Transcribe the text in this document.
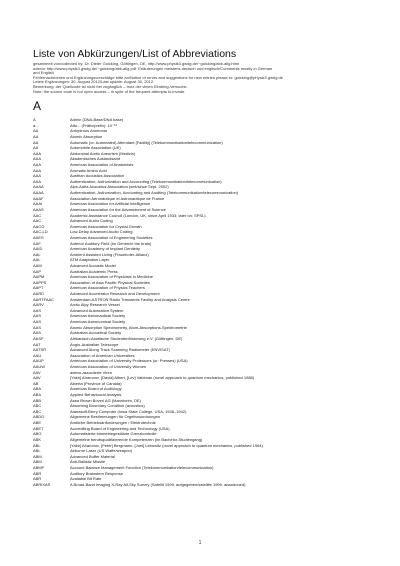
Liste von Abkürzungen/List of Abbreviations
gesammelt von/collected by: Dr. Dieter Guicking, Göttingen, DE, http://www.physik3.gwdg.de/~guicking/abk-allg.html
oder/or http://www.physik3.gwdg.de/~guicking/abk-allg.pdf. Erläuterungen meistens deutsch und englisch/Comments mostly in German
and English
Fehlernachrichten und Ergänzungsvorschläge bitte an/Notice of errors and suggestions for new entries please to: guicking@physik3.gwdg.de
Letzte Ergänzungen: 30. August 2012/Last update: August 30, 2012.
Bemerkung: der Quellcode ist nicht frei zugänglich – trotz der vielen Eindring-Versuche.
Note: the source code is not open access – in spite of the frequent attempts to invade.
A
A	Admin (DNA-Base/DNA base)
a...	Atto... (Präfix/prefix): 10⁻¹⁸
AA	Anhydrous Ammonia
AA	Atomic Absorption
AA	Automatic (or: Automated) Attendant [Facility] (Telekommunikation/telecommunication)
AA	Automobile Association (UK)
AAA	Abdominal Aortic Aneurism (Medizin)
AAA	Akademisches Auslandsamt
AAA	American Association of Anatomists
AAA	Aromatic Amino Acid
AAA	Austrian Acoustics Association
AAA	Authentication, Authorization and Accounting (Telekommunikation/telecommunication)
AAAA	Alps-Adria Acoustics Association (seit/since Sept. 2002)
AAAA	Authentication, Authorization, Accounting and Auditing (Telekommunikation/telecommunication)
AAAF	Association Aéronautique et Astronautique de France
AAAI	American Association for Artificial Intelligence
AAAS	American Association for the Advancement of Science
AAC	Academic Assistance Council (London, UK, since April 1933; later on: SPSL)
AAC	Advanced Audio Coding
AACG	American Association for Crystal Growth
AAC-LD	Low-Delay Advanced Audio Coding
AAES	American Association of Engineering Societies
AAF	Anterior Auditory Field (im Gehirn/in the brain)
AAID	American Academy of Implant Dentistry
AAL	Ambient Assisted Living (Fraunhofer-Allianz)
AAL	ATM Adaptation Layer
AAM	Advanced Acoustic Model
AAP	Australian Academic Press
AAPM	American Association of Physicists in Medicine
AAPPS	Association of Asia Pacific Physical Societies
AAPT	American Association of Physics Teachers
AARD	Advanced Accelerator Research and Development
AARTFAAC	Amsterdam-ASTRON Radio Transients Facility and Analysis Centre
AARV	Arctic Alpy Research Vessel
AAS	Advanced Automation System
AAS	American Astronautical Society
AAS	American Astronomical Society
AAS	Atomic Absorption Spectrometry, Atom-Absorptions-Spektrometrie
AAS	Australian Acoustical Society
AASF	Afrikanisch-Asiatische Studentenförderung e.V. (Göttingen, DE)
AAT	Anglo-Australian Telescope
AATSR	Advanced Along Track Scanning Radiometer (ENVISAT)
AAU	Association of American Universities
AAUP	American Association of University Professors (or: Presses) (USA)
AAUW	American Association of University Women
AAV	adeno-associierte Viren
AAV	[Yakir] Aharonov, [David] Albert, [Lev] Vaidman (novel approach to quantum mechanics, published 1988)
AB	Alberta (Province of Canada)
ABA	American Board of Audiology
ABA	Applied Behavioural Analysis
ABB	Asea Brown Boveri AG (Mannheim, DE)
ABC	Absorbing Boundary Condition (acoustics)
ABC	Atanasoff-Berry Computer (Iowa State College, USA, 1938–1942)
ABDO	Allgemeine Bestimmungen für Orgelbauordnungen
ABE	Amtliche Betriebsanforderungen / Elektrotechnik
ABET	Accrediting Board of Engineering and Technology (USA)
ABG	Automatisierte biometriegestützte Grenzkontrolle
ABK	Allgemeine berufsqualifizierende Kompetenzen (im Bachelor-Studiengang)
ABL	[Yakir] Aharonov, [Peter] Bergmann, [Joel] Lebowitz (novel approach to quantum mechanics, published 1964)
ABL	Airborne Laser (US Waffe/weapon)
ABM	Advanced Buffer Material
ABM	Anti-Ballistic Missile
ABMF	Account Balance Management Function (Telekommunikation/telecommunication)
ABR	Auditory Brainstem Response
ABR	Available Bit Rate
ABRIXAS	A Broad-Band Imaging X-Ray All-Sky Survey (Satellit 1999, aufgegeben/satellite 1999, abandoned)
1
